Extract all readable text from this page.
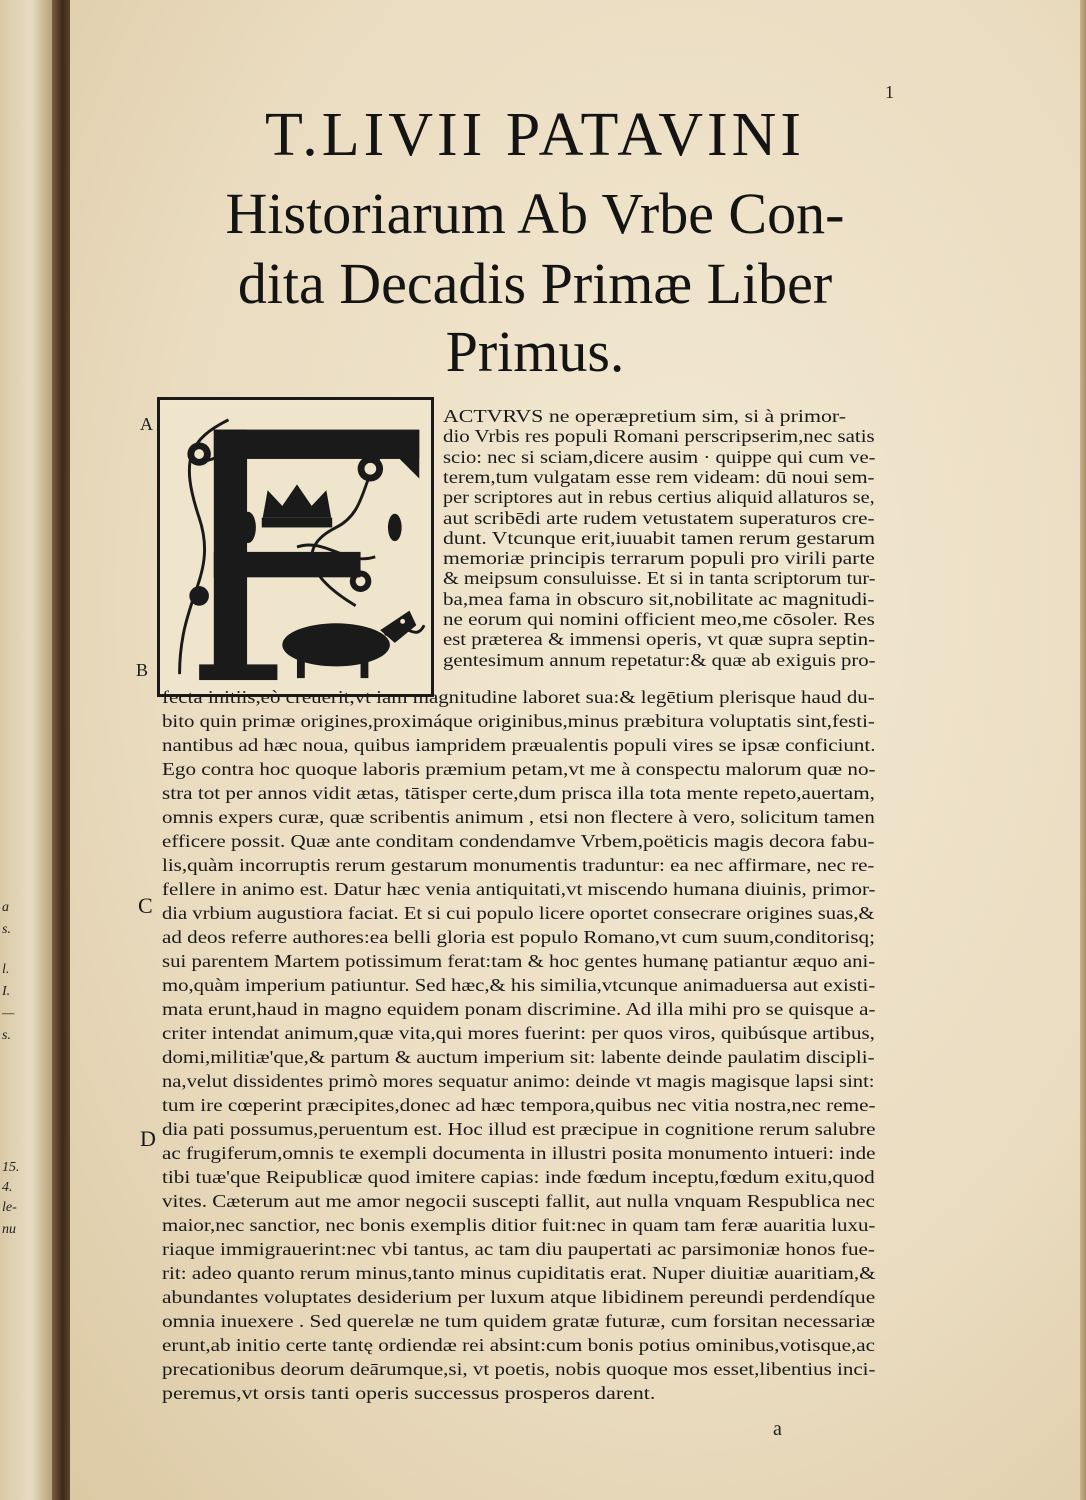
a
s.
l.
I.
—
s.
15.
4.
le-
nu
1
T.LIVII PATAVINI
Historiarum Ab Vrbe Con-
dita Decadis Primæ Liber
Primus.
A
B
C
D
ACTVRVS ne operæpretium sim, si à primor-
dio Vrbis res populi Romani perscripserim,nec satis
scio: nec si sciam,dicere ausim · quippe qui cum ve-
terem,tum vulgatam esse rem videam: dū noui sem-
per scriptores aut in rebus certius aliquid allaturos se,
aut scribēdi arte rudem vetustatem superaturos cre-
dunt. Vtcunque erit,iuuabit tamen rerum gestarum
memoriæ principis terrarum populi pro virili parte
& meipsum consuluisse. Et si in tanta scriptorum tur-
ba,mea fama in obscuro sit,nobilitate ac magnitudi-
ne eorum qui nomini officient meo,me cōsoler. Res
est præterea & immensi operis, vt quæ supra septin-
gentesimum annum repetatur:& quæ ab exiguis pro-
fecta initiis,eò creuerit,vt iam magnitudine laboret sua:& legētium plerisque haud du-
bito quin primæ origines,proximáque originibus,minus præbitura voluptatis sint,festi-
nantibus ad hæc noua, quibus iampridem præualentis populi vires se ipsæ conficiunt.
Ego contra hoc quoque laboris præmium petam,vt me à conspectu malorum quæ no-
stra tot per annos vidit ætas, tātisper certe,dum prisca illa tota mente repeto,auertam,
omnis expers curæ, quæ scribentis animum , etsi non flectere à vero, solicitum tamen
efficere possit. Quæ ante conditam condendamve Vrbem,poëticis magis decora fabu-
lis,quàm incorruptis rerum gestarum monumentis traduntur: ea nec affirmare, nec re-
fellere in animo est. Datur hæc venia antiquitati,vt miscendo humana diuinis, primor-
dia vrbium augustiora faciat. Et si cui populo licere oportet consecrare origines suas,&
ad deos referre authores:ea belli gloria est populo Romano,vt cum suum,conditorisq;
sui parentem Martem potissimum ferat:tam & hoc gentes humanę patiantur æquo ani-
mo,quàm imperium patiuntur. Sed hæc,& his similia,vtcunque animaduersa aut existi-
mata erunt,haud in magno equidem ponam discrimine. Ad illa mihi pro se quisque a-
criter intendat animum,quæ vita,qui mores fuerint: per quos viros, quibúsque artibus,
domi,militiæ'que,& partum & auctum imperium sit: labente deinde paulatim disciplі-
na,velut dissidentes primò mores sequatur animo: deinde vt magis magisque lapsi sint:
tum ire cœperint præcipites,donec ad hæc tempora,quibus nec vitia nostra,nec reme-
dia pati possumus,peruentum est. Hoc illud est præcipue in cognitione rerum salubre
ac frugiferum,omnis te exempli documenta in illustri posita monumento intueri: inde
tibi tuæ'que Reipublicæ quod imitere capias: inde fœdum inceptu,fœdum exitu,quod
vites. Cæterum aut me amor negocii suscepti fallit, aut nulla vnquam Respublica nec
maior,nec sanctior, nec bonis exemplis ditior fuit:nec in quam tam feræ auaritia luxu-
riaque immigrauerint:nec vbi tantus, ac tam diu paupertati ac parsimoniæ honos fue-
rit: adeo quanto rerum minus,tanto minus cupiditatis erat. Nuper diuitiæ auaritiam,&
abundantes voluptates desiderium per luxum atque libidinem pereundi perdendíque
omnia inuexere . Sed querelæ ne tum quidem gratæ futuræ, cum forsitan necessariæ
erunt,ab initio certe tantę ordiendæ rei absint:cum bonis potius ominibus,votisque,ac
precationibus deorum deārumque,si, vt poetis, nobis quoque mos esset,libentius inci-
peremus,vt orsis tanti operis successus prosperos darent.
a
